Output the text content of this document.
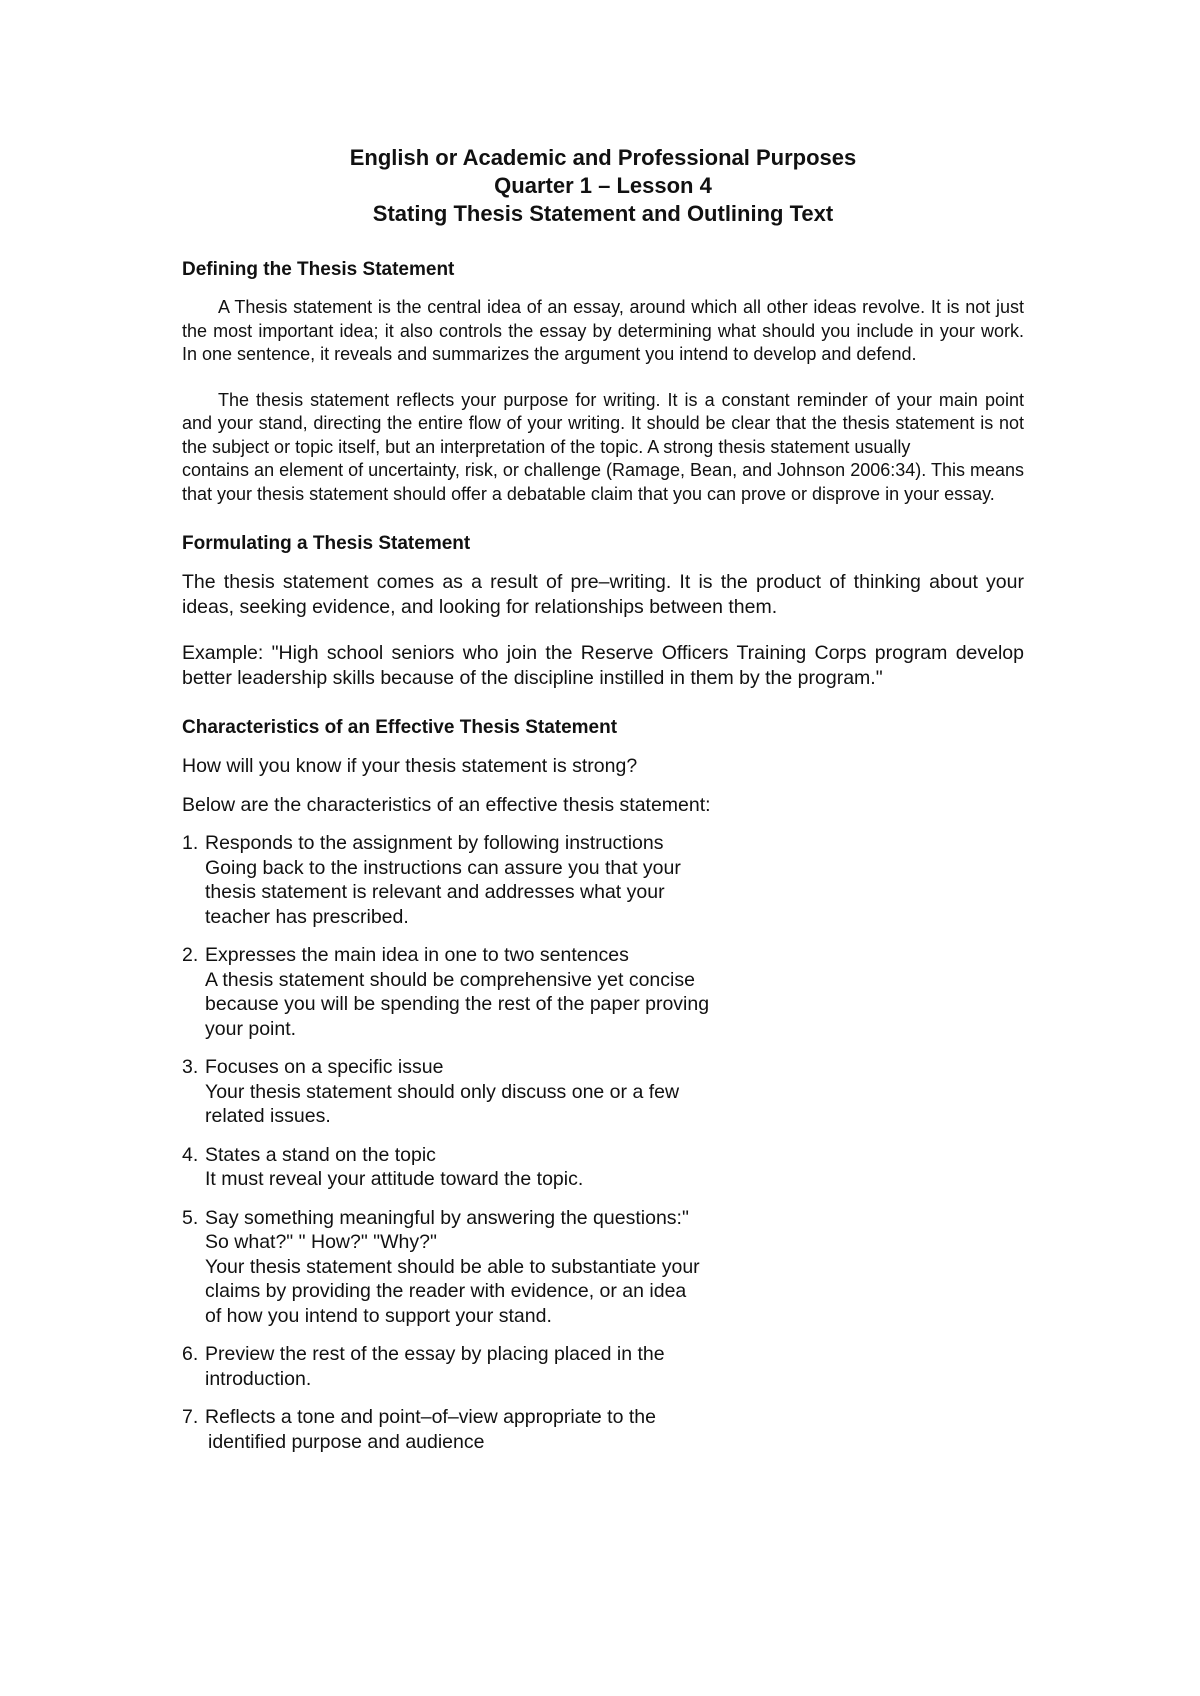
English or Academic and Professional Purposes
Quarter 1 – Lesson 4
Stating Thesis Statement and Outlining Text
Defining the Thesis Statement

A Thesis statement is the central idea of an essay, around which all other ideas revolve. It is not just the most important idea; it also controls the essay by determining what should you include in your work. In one sentence, it reveals and summarizes the argument you intend to develop and defend.

The thesis statement reflects your purpose for writing. It is a constant reminder of your main point and your stand, directing the entire flow of your writing. It should be clear that the thesis statement is not the subject or topic itself, but an interpretation of the topic. A strong thesis statement usually

contains an element of uncertainty, risk, or challenge (Ramage, Bean, and Johnson 2006:34). This means that your thesis statement should offer a debatable claim that you can prove or disprove in your essay.

Formulating a Thesis Statement

The thesis statement comes as a result of pre–writing. It is the product of thinking about your ideas, seeking evidence, and looking for relationships between them.

Example: "High school seniors who join the Reserve Officers Training Corps program develop better leadership skills because of the discipline instilled in them by the program."

Characteristics of an Effective Thesis Statement

How will you know if your thesis statement is strong?

Below are the characteristics of an effective thesis statement:

1. Responds to the assignment by following instructions
Going back to the instructions can assure you that your
thesis statement is relevant and addresses what your
teacher has prescribed.
2. Expresses the main idea in one to two sentences
A thesis statement should be comprehensive yet concise
because you will be spending the rest of the paper proving
your point.
3. Focuses on a specific issue
Your thesis statement should only discuss one or a few
related issues.
4. States a stand on the topic
It must reveal your attitude toward the topic.
5. Say something meaningful by answering the questions:"
So what?" " How?" "Why?"
Your thesis statement should be able to substantiate your
claims by providing the reader with evidence, or an idea
of how you intend to support your stand.
6. Preview the rest of the essay by placing placed in the
introduction.
7. Reflects a tone and point–of–view appropriate to the
identified purpose and audience
